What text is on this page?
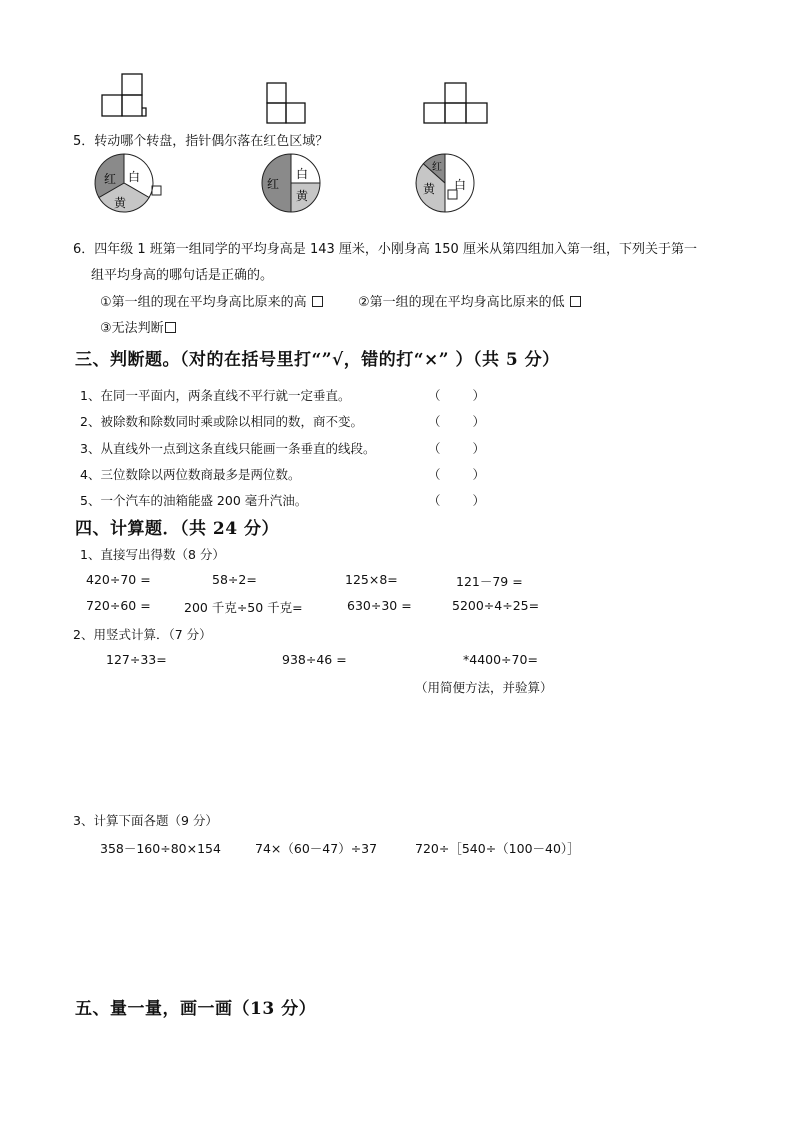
5．转动哪个转盘，指针偶尔落在红色区域？
红 白
黄
红
白
黄
红
黄 白
6．四年级 1 班第一组同学的平均身高是 143 厘米，小刚身高 150 厘米从第四组加入第一组，下列关于第一
组平均身高的哪句话是正确的。
①第一组的现在平均身高比原来的高	②第一组的现在平均身高比原来的低
③无法判断
三、判断题。（对的在括号里打“”√，错的打“×” ）（共 5 分）
1、在同一平面内，两条直线不平行就一定垂直。	（ ）
2、被除数和除数同时乘或除以相同的数，商不变。	（ ）
3、从直线外一点到这条直线只能画一条垂直的线段。	（ ）
4、三位数除以两位数商最多是两位数。	（ ）
5、一个汽车的油箱能盛 200 毫升汽油。	（ ）
四、计算题．（共 24 分）
1、直接写出得数（8 分）
420÷70 =	58÷2=	125×8=	121－79 =
720÷60 =	200 千克÷50 千克=	630÷30 =	5200÷4÷25=
2、用竖式计算．（7 分）
127÷33=	938÷46 =	*4400÷70=
（用简便方法，并验算）
3、计算下面各题（9 分）
358－160÷80×154	74×（60－47）÷37	720÷［540÷（100－40）］
五、量一量，画一画（13 分）
